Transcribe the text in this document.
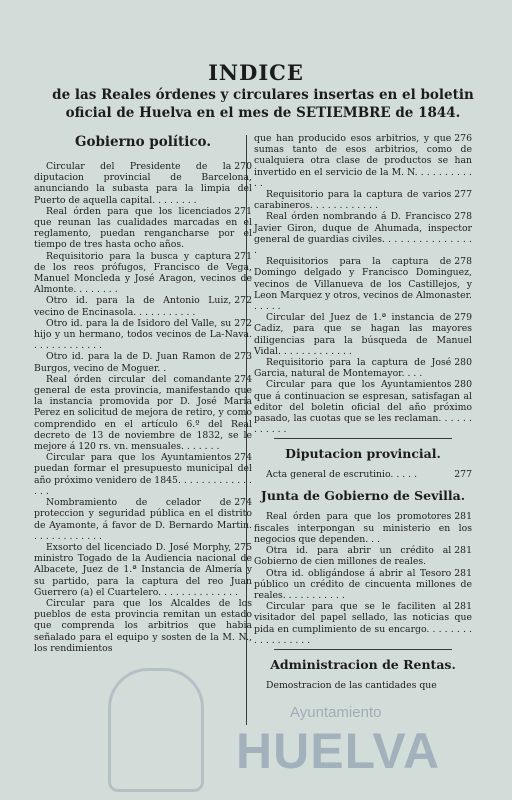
INDICE
de las Reales órdenes y circulares insertas en el boletin
oficial de Huelva en el mes de SETIEMBRE de 1844.
Gobierno político.

270
Circular del Presidente de la diputacion provincial de Barcelona, anunciando la subasta para la limpia del Puerto de aquella capital. . . . . . . .

271
Real órden para que los licenciados que reunan las cualidades marcadas en el reglamento, puedan rengancharse por el tiempo de tres hasta ocho años.

271
Requisitorio para la busca y captura de los reos prófugos, Francisco de Vega, Manuel Moncleda y José Aragon, vecinos de Almonte. . . . . . . .

272
Otro id. para la de Antonio Luiz, vecino de Encinasola. . . . . . . . . . .

272
Otro id. para la de Isidoro del Valle, su hijo y un hermano, todos vecinos de La-Nava. . . . . . . . . . . . .

273
Otro id. para la de D. Juan Ramon de Burgos, vecino de Moguer. .

274
Real órden circular del comandante general de esta provincia, manifestando que la instancia promovida por D. José María Perez en solicitud de mejora de retiro, y como comprendido en el artículo 6.º del Real decreto de 13 de noviembre de 1832, se le mejore á 120 rs. vn. mensuales. . . . . . .

274
Circular para que los Ayuntamientos puedan formar el presupuesto municipal del año próximo venidero de 1845. . . . . . . . . . . . . . . .

274
Nombramiento de celador de proteccion y seguridad pública en el distrito de Ayamonte, á favor de D. Bernardo Martin. . . . . . . . . . . . .

275
Exsorto del licenciado D. José Morphy, ministro Togado de la Audiencia nacional de Albacete, Juez de 1.ª Instancia de Almería y su partido, para la captura del reo Juan Guerrero (a) el Cuartelero. . . . . . . . . . . . . .

Circular para que los Alcaldes de los pueblos de esta provincia remitan un estado que comprenda los arbitrios que habia señalado para el equipo y sosten de la M. N., los rendimientos

276
que han producido esos arbitrios, y que sumas tanto de esos arbitrios, como de cualquiera otra clase de productos se han invertido en el servicio de la M. N. . . . . . . . . . . .

277
Requisitorio para la captura de varios carabineros. . . . . . . . . . . .

278
Real órden nombrando á D. Francisco Javier Giron, duque de Ahumada, inspector general de guardias civiles. . . . . . . . . . . . . . . .

278
Requisitorios para la captura de Domingo delgado y Francisco Dominguez, vecinos de Villanueva de los Castillejos, y Leon Marquez y otros, vecinos de Almonaster. . . . . .

279
Circular del Juez de 1.ª instancia de Cadiz, para que se hagan las mayores diligencias para la búsqueda de Manuel Vidal. . . . . . . . . . . . .

280
Requisitorio para la captura de José Garcia, natural de Montemayor. . . .

280
Circular para que los Ayuntamientos que á continuacion se espresan, satisfagan al editor del boletin oficial del año próximo pasado, las cuotas que se les reclaman. . . . . . . . . . . .

Diputacion provincial.
277
Acta general de escrutinio. . . . .
Junta de Gobierno de Sevilla.

281
Real órden para que los promotores fiscales interpongan su ministerio en los negocios que dependen. . .

281
Otra id. para abrir un crédito al Gobierno de cien millones de reales.

281
Otra id. obligándose á abrir al Tesoro público un crédito de cincuenta millones de reales. . . . . . . . . . .

281
Circular para que se le faciliten al visitador del papel sellado, las noticias que pida en cumplimiento de su encargo. . . . . . . . . . . . . . . . . .

Administracion de Rentas.

Demostracion de las cantidades que

Ayuntamiento
HUELVA
